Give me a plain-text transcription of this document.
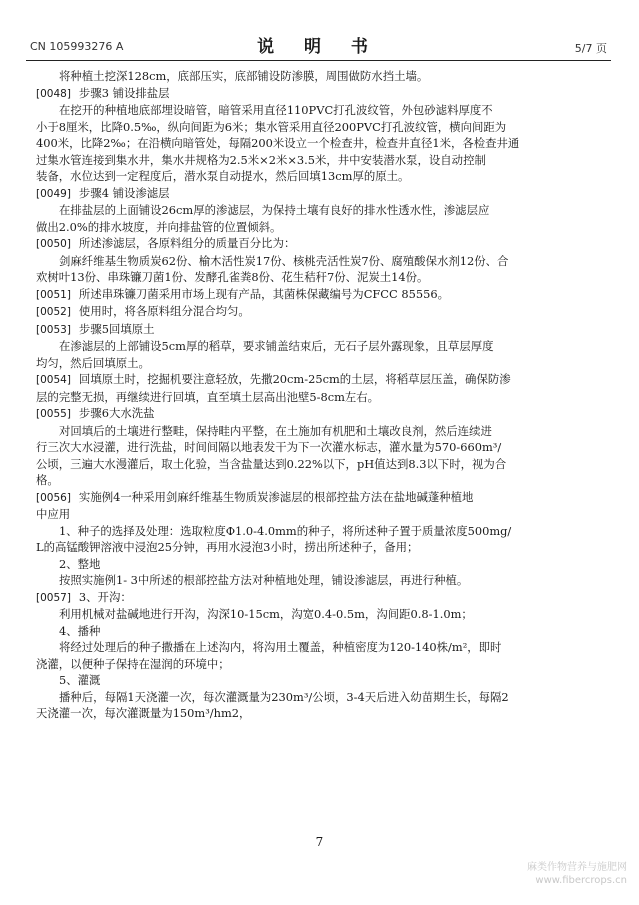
CN 105993276 A	说 明 书	5/7 页

将种植土挖深128cm，底部压实，底部铺设防渗膜，周围做防水挡土墙。

[0048] 步骤3 铺设排盐层

在挖开的种植地底部埋设暗管，暗管采用直径110PVC打孔波纹管，外包砂滤料厚度不

小于8厘米，比降0.5‰，纵向间距为6米；集水管采用直径200PVC打孔波纹管，横向间距为

400米，比降2‰；在沿横向暗管处，每隔200米设立一个检查井，检查井直径1米，各检查井通

过集水管连接到集水井，集水井规格为2.5米×2米×3.5米，井中安装潜水泵，设自动控制

装备，水位达到一定程度后，潜水泵自动提水，然后回填13cm厚的原土。

[0049] 步骤4 铺设渗滤层

在排盐层的上面铺设26cm厚的渗滤层，为保持土壤有良好的排水性透水性，渗滤层应

做出2.0%的排水坡度，并向排盐管的位置倾斜。

[0050] 所述渗滤层，各原料组分的质量百分比为：

剑麻纤维基生物质炭62份、榆木活性炭17份、核桃壳活性炭7份、腐殖酸保水剂12份、合

欢树叶13份、串珠镰刀菌1份、发酵孔雀粪8份、花生秸秆7份、泥炭土14份。

[0051] 所述串珠镰刀菌采用市场上现有产品，其菌株保藏编号为CFCC 85556。

[0052] 使用时，将各原料组分混合均匀。

[0053] 步骤5回填原土

在渗滤层的上部铺设5cm厚的稻草，要求铺盖结束后，无石子层外露现象，且草层厚度

均匀，然后回填原土。

[0054] 回填原土时，挖掘机要注意轻放，先撒20cm-25cm的土层，将稻草层压盖，确保防渗

层的完整无损，再继续进行回填，直至填土层高出池壁5-8cm左右。

[0055] 步骤6大水洗盐

对回填后的土壤进行整畦，保持畦内平整，在土施加有机肥和土壤改良剂，然后连续进

行三次大水浸灌，进行洗盐，时间间隔以地表发干为下一次灌水标志，灌水量为570-660m³/

公顷，三遍大水漫灌后，取土化验，当含盐量达到0.22%以下，pH值达到8.3以下时，视为合

格。

[0056] 实施例4一种采用剑麻纤维基生物质炭渗滤层的根部控盐方法在盐地碱蓬种植地

中应用

1、种子的选择及处理：选取粒度Φ1.0-4.0mm的种子，将所述种子置于质量浓度500mg/

L的高锰酸钾溶液中浸泡25分钟，再用水浸泡3小时，捞出所述种子，备用；

2、整地

按照实施例1- 3中所述的根部控盐方法对种植地处理，铺设渗滤层，再进行种植。

[0057] 3、开沟：

利用机械对盐碱地进行开沟，沟深10-15cm，沟宽0.4-0.5m，沟间距0.8-1.0m；

4、播种

将经过处理后的种子撒播在上述沟内，将沟用土覆盖，种植密度为120-140株/m²，即时

浇灌，以便种子保持在湿润的环境中；

5、灌溉

播种后，每隔1天浇灌一次，每次灌溉量为230m³/公顷，3-4天后进入幼苗期生长，每隔2

天浇灌一次，每次灌溉量为150m³/hm2，

7
麻类作物营养与施肥网
www.fibercrops.cn
